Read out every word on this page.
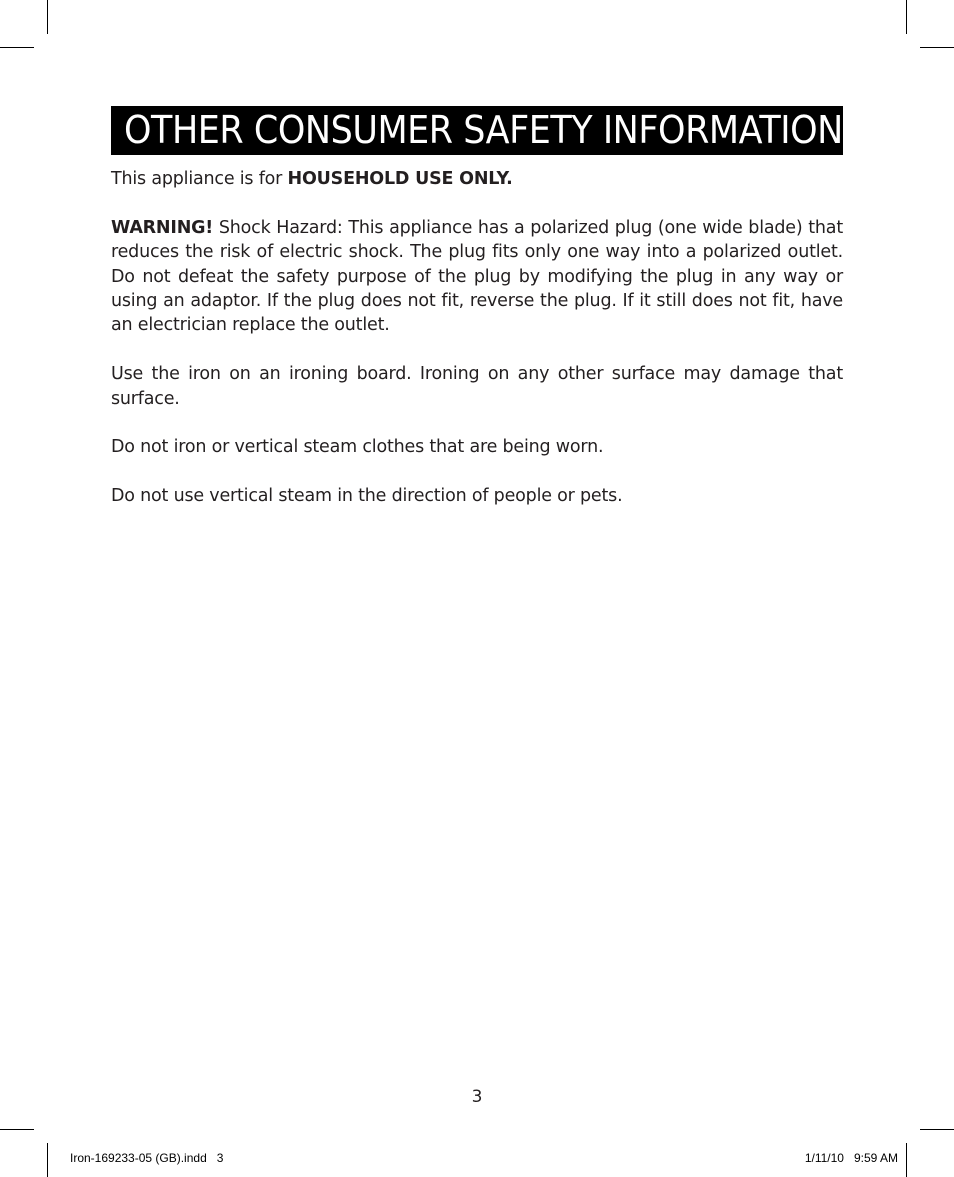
OTHER CONSUMER SAFETY INFORMATION

This appliance is for HOUSEHOLD USE ONLY.

WARNING! Shock Hazard: This appliance has a polarized plug (one wide blade) that reduces the risk of electric shock. The plug fits only one way into a polarized outlet. Do not defeat the safety purpose of the plug by modifying the plug in any way or using an adaptor. If the plug does not fit, reverse the plug. If it still does not fit, have an electrician replace the outlet.

Use the iron on an ironing board. Ironing on any other surface may damage that surface.

Do not iron or vertical steam clothes that are being worn.

Do not use vertical steam in the direction of people or pets.

3
Iron-169233-05 (GB).indd   3	1/11/10   9:59 AM
